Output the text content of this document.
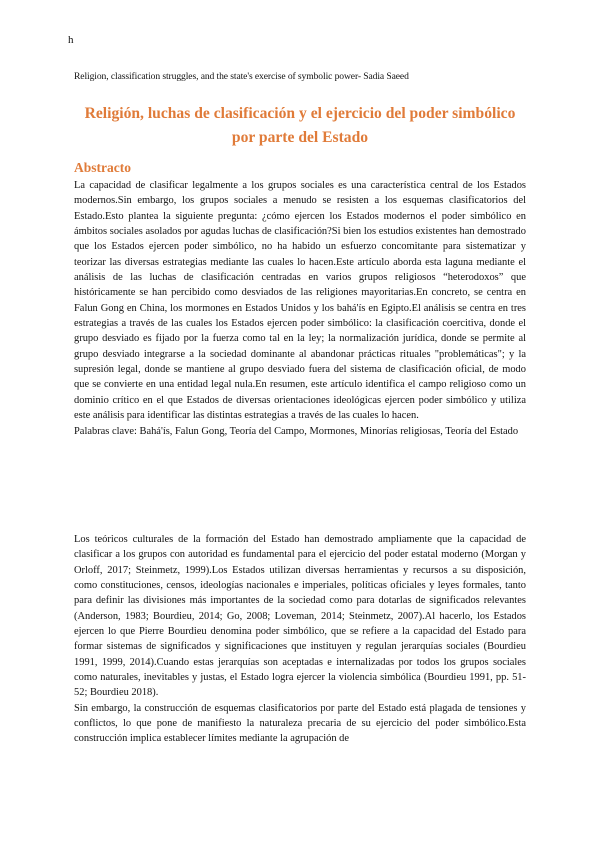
h
Religion, classification struggles, and the state's exercise of symbolic power- Sadia Saeed
Religión, luchas de clasificación y el ejercicio del poder simbólico por parte del Estado
Abstracto

La capacidad de clasificar legalmente a los grupos sociales es una característica central de los Estados modernos.Sin embargo, los grupos sociales a menudo se resisten a los esquemas clasificatorios del Estado.Esto plantea la siguiente pregunta: ¿cómo ejercen los Estados modernos el poder simbólico en ámbitos sociales asolados por agudas luchas de clasificación?Si bien los estudios existentes han demostrado que los Estados ejercen poder simbólico, no ha habido un esfuerzo concomitante para sistematizar y teorizar las diversas estrategias mediante las cuales lo hacen.Este artículo aborda esta laguna mediante el análisis de las luchas de clasificación centradas en varios grupos religiosos “heterodoxos” que históricamente se han percibido como desviados de las religiones mayoritarias.En concreto, se centra en Falun Gong en China, los mormones en Estados Unidos y los bahá'ís en Egipto.El análisis se centra en tres estrategias a través de las cuales los Estados ejercen poder simbólico: la clasificación coercitiva, donde el grupo desviado es fijado por la fuerza como tal en la ley; la normalización jurídica, donde se permite al grupo desviado integrarse a la sociedad dominante al abandonar prácticas rituales "problemáticas"; y la supresión legal, donde se mantiene al grupo desviado fuera del sistema de clasificación oficial, de modo que se convierte en una entidad legal nula.En resumen, este artículo identifica el campo religioso como un dominio crítico en el que Estados de diversas orientaciones ideológicas ejercen poder simbólico y utiliza este análisis para identificar las distintas estrategias a través de las cuales lo hacen.

Palabras clave: Bahá'ís, Falun Gong, Teoría del Campo, Mormones, Minorías religiosas, Teoría del Estado

Los teóricos culturales de la formación del Estado han demostrado ampliamente que la capacidad de clasificar a los grupos con autoridad es fundamental para el ejercicio del poder estatal moderno (Morgan y Orloff, 2017; Steinmetz, 1999).Los Estados utilizan diversas herramientas y recursos a su disposición, como constituciones, censos, ideologías nacionales e imperiales, políticas oficiales y leyes formales, tanto para definir las divisiones más importantes de la sociedad como para dotarlas de significados relevantes (Anderson, 1983; Bourdieu, 2014; Go, 2008; Loveman, 2014; Steinmetz, 2007).Al hacerlo, los Estados ejercen lo que Pierre Bourdieu denomina poder simbólico, que se refiere a la capacidad del Estado para formar sistemas de significados y significaciones que instituyen y regulan jerarquías sociales (Bourdieu 1991, 1999, 2014).Cuando estas jerarquías son aceptadas e internalizadas por todos los grupos sociales como naturales, inevitables y justas, el Estado logra ejercer la violencia simbólica (Bourdieu 1991, pp. 51-52; Bourdieu 2018).

Sin embargo, la construcción de esquemas clasificatorios por parte del Estado está plagada de tensiones y conflictos, lo que pone de manifiesto la naturaleza precaria de su ejercicio del poder simbólico.Esta construcción implica establecer límites mediante la agrupación de
